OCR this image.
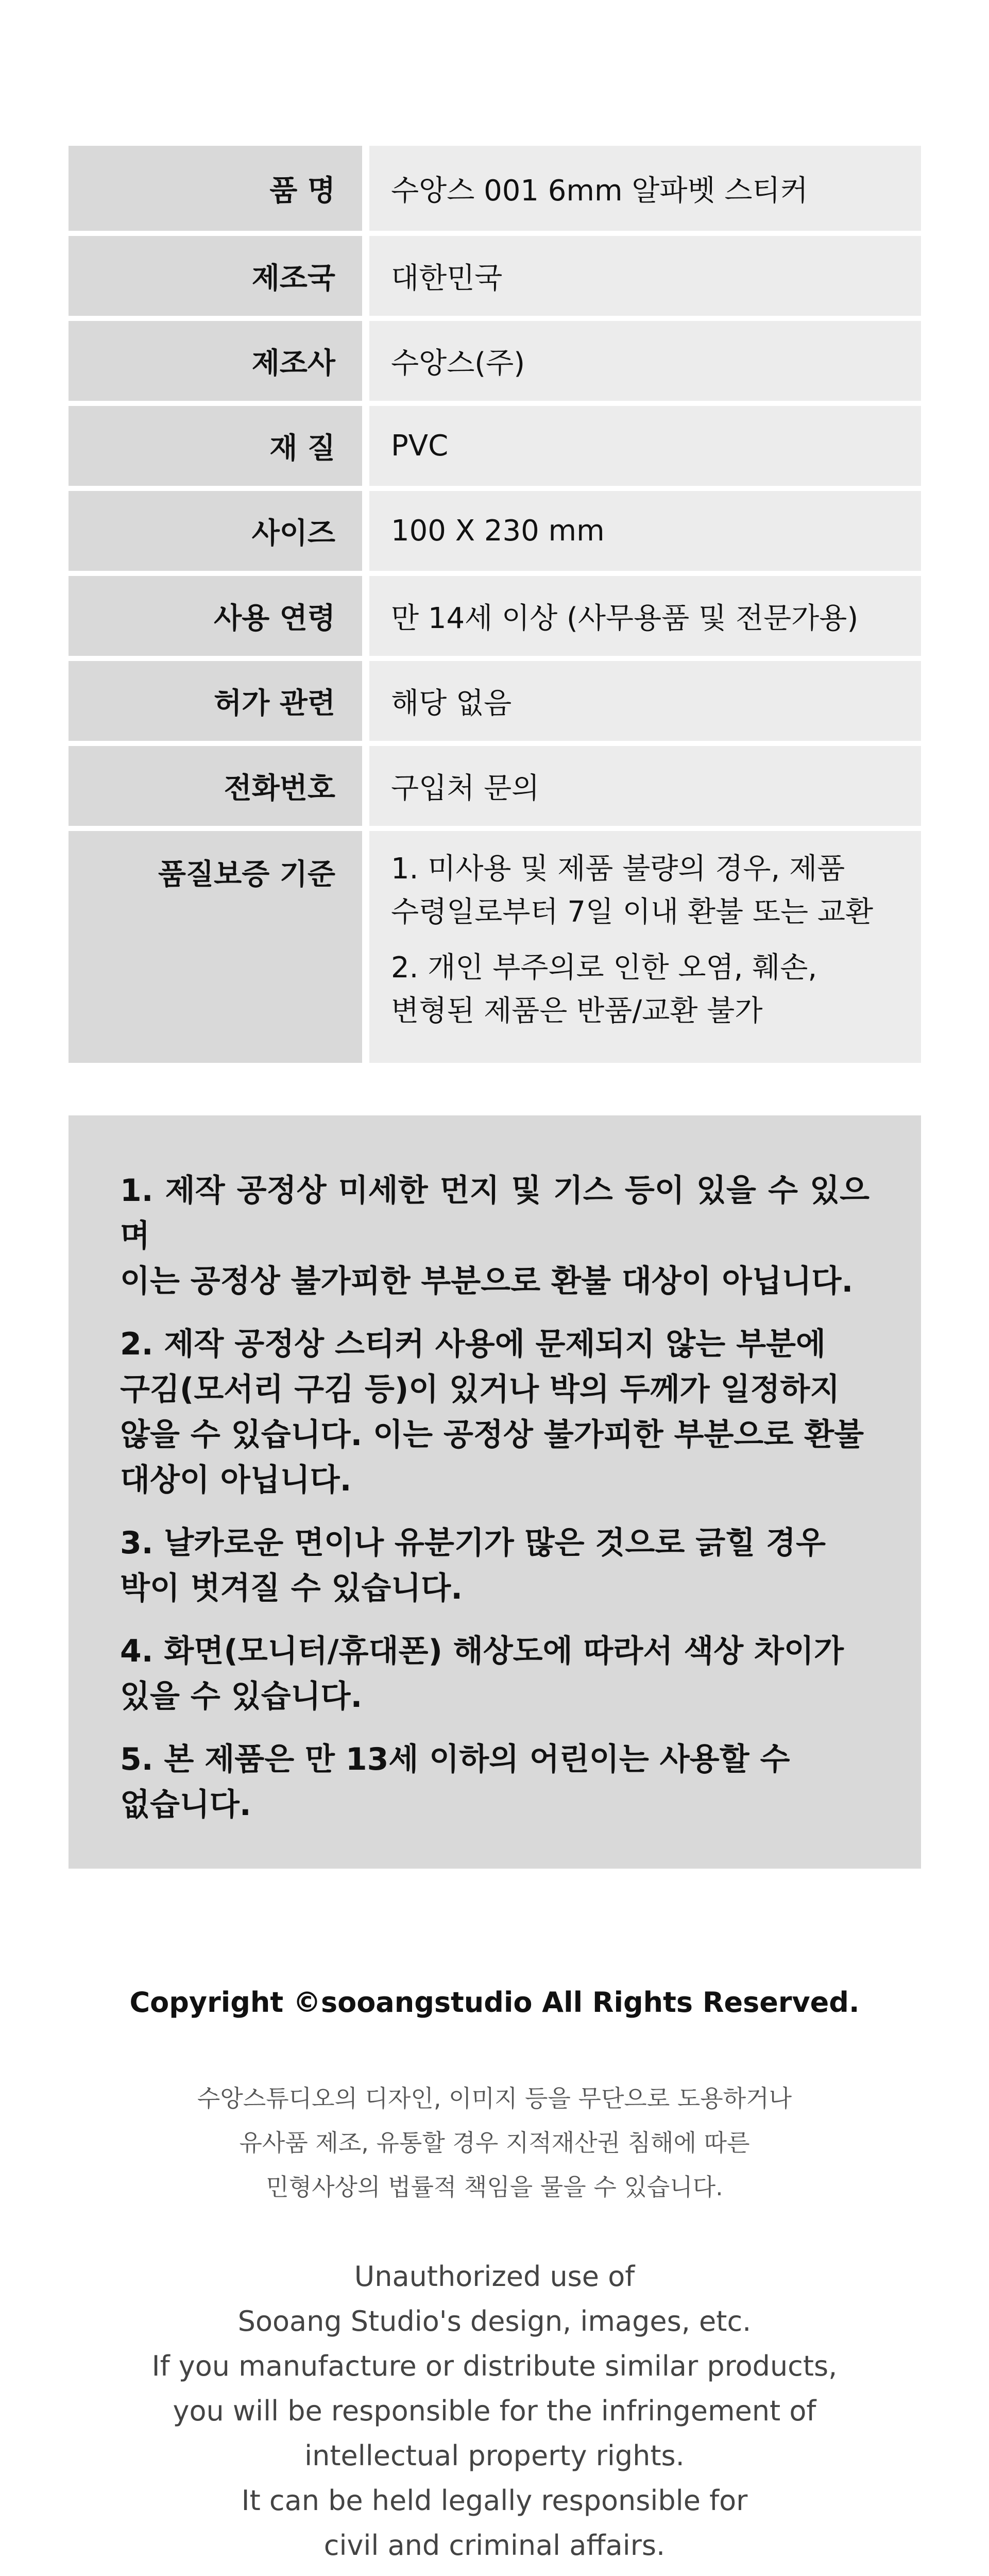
품 명	수앙스 001 6mm 알파벳 스티커
제조국	대한민국
제조사	수앙스(주)
재 질	PVC
사이즈	100 X 230 mm
사용 연령	만 14세 이상 (사무용품 및 전문가용)
허가 관련	해당 없음
전화번호	구입처 문의
품질보증 기준	1. 미사용 및 제품 불량의 경우, 제품
수령일로부터 7일 이내 환불 또는 교환
2. 개인 부주의로 인한 오염, 훼손,
변형된 제품은 반품/교환 불가
1. 제작 공정상 미세한 먼지 및 기스 등이 있을 수 있으며
이는 공정상 불가피한 부분으로 환불 대상이 아닙니다.
2. 제작 공정상 스티커 사용에 문제되지 않는 부분에
구김(모서리 구김 등)이 있거나 박의 두께가 일정하지
않을 수 있습니다. 이는 공정상 불가피한 부분으로 환불
대상이 아닙니다.
3. 날카로운 면이나 유분기가 많은 것으로 긁힐 경우
박이 벗겨질 수 있습니다.
4. 화면(모니터/휴대폰) 해상도에 따라서 색상 차이가
있을 수 있습니다.
5. 본 제품은 만 13세 이하의 어린이는 사용할 수
없습니다.
Copyright ©sooangstudio All Rights Reserved.
수앙스튜디오의 디자인, 이미지 등을 무단으로 도용하거나
유사품 제조, 유통할 경우 지적재산권 침해에 따른
민형사상의 법률적 책임을 물을 수 있습니다.
Unauthorized use of
Sooang Studio's design, images, etc.
If you manufacture or distribute similar products,
you will be responsible for the infringement of
intellectual property rights.
It can be held legally responsible for
civil and criminal affairs.
